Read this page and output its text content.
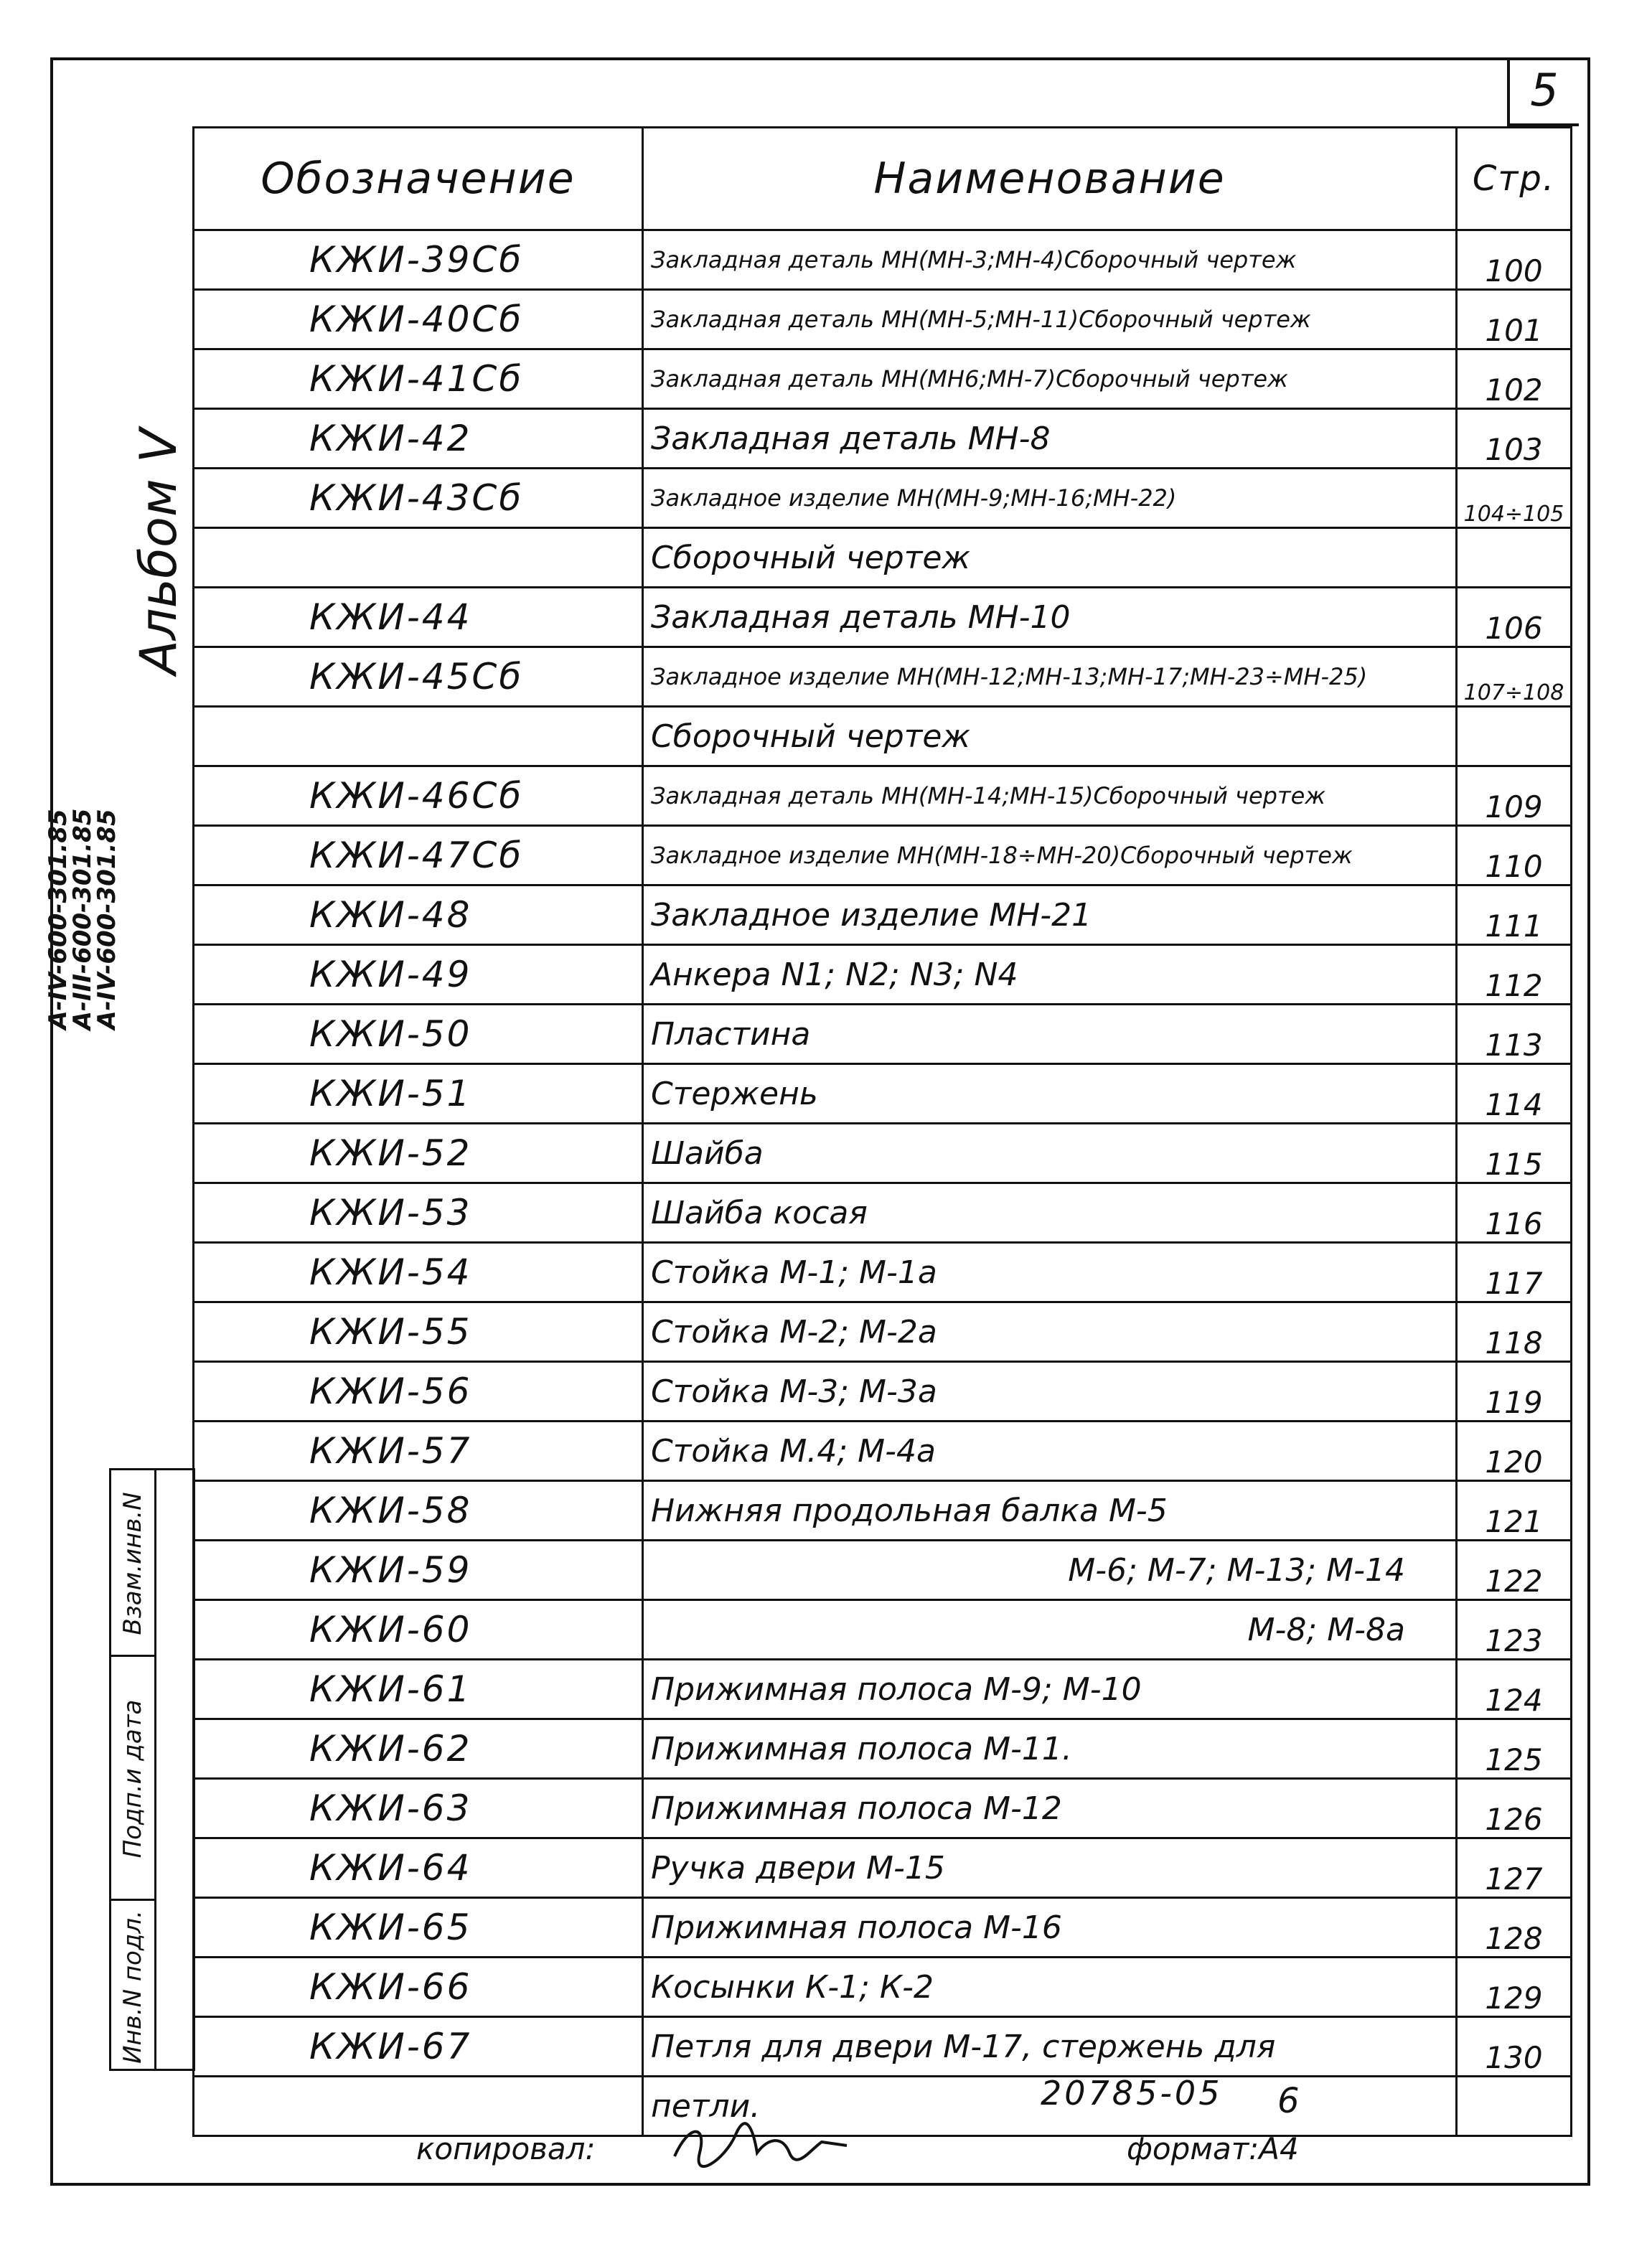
5
Альбом V
А-IV-600-301.85
А-III-600-301.85
А-IV-600-301.85
Взам.инв.N
Подп.и дата
Инв.N подл.
Обозначение	Наименование	Стр.
КЖИ-39Сб	Закладная деталь МН(МН-3;МН-4)Сборочный чертеж	100
КЖИ-40Сб	Закладная деталь МН(МН-5;МН-11)Сборочный чертеж	101
КЖИ-41Сб	Закладная деталь МН(МН6;МН-7)Сборочный чертеж	102
КЖИ-42	Закладная деталь МН-8	103
КЖИ-43Сб	Закладное изделие МН(МН-9;МН-16;МН-22)	104÷105
	Сборочный чертеж	
КЖИ-44	Закладная деталь МН-10	106
КЖИ-45Сб	Закладное изделие МН(МН-12;МН-13;МН-17;МН-23÷МН-25)	107÷108
	Сборочный чертеж	
КЖИ-46Сб	Закладная деталь МН(МН-14;МН-15)Сборочный чертеж	109
КЖИ-47Сб	Закладное изделие МН(МН-18÷МН-20)Сборочный чертеж	110
КЖИ-48	Закладное изделие МН-21	111
КЖИ-49	Анкера N1; N2; N3; N4	112
КЖИ-50	Пластина	113
КЖИ-51	Стержень	114
КЖИ-52	Шайба	115
КЖИ-53	Шайба косая	116
КЖИ-54	Стойка М-1; М-1а	117
КЖИ-55	Стойка М-2; М-2а	118
КЖИ-56	Стойка М-3; М-3а	119
КЖИ-57	Стойка М.4; М-4а	120
КЖИ-58	Нижняя продольная балка М-5	121
КЖИ-59	М-6; М-7; М-13; М-14	122
КЖИ-60	М-8; М-8а	123
КЖИ-61	Прижимная полоса М-9; М-10	124
КЖИ-62	Прижимная полоса М-11.	125
КЖИ-63	Прижимная полоса М-12	126
КЖИ-64	Ручка двери М-15	127
КЖИ-65	Прижимная полоса М-16	128
КЖИ-66	Косынки К-1; К-2	129
КЖИ-67	Петля для двери М-17, стержень для	130
	петли.		20785-05 6
копировал:	формат:А4
